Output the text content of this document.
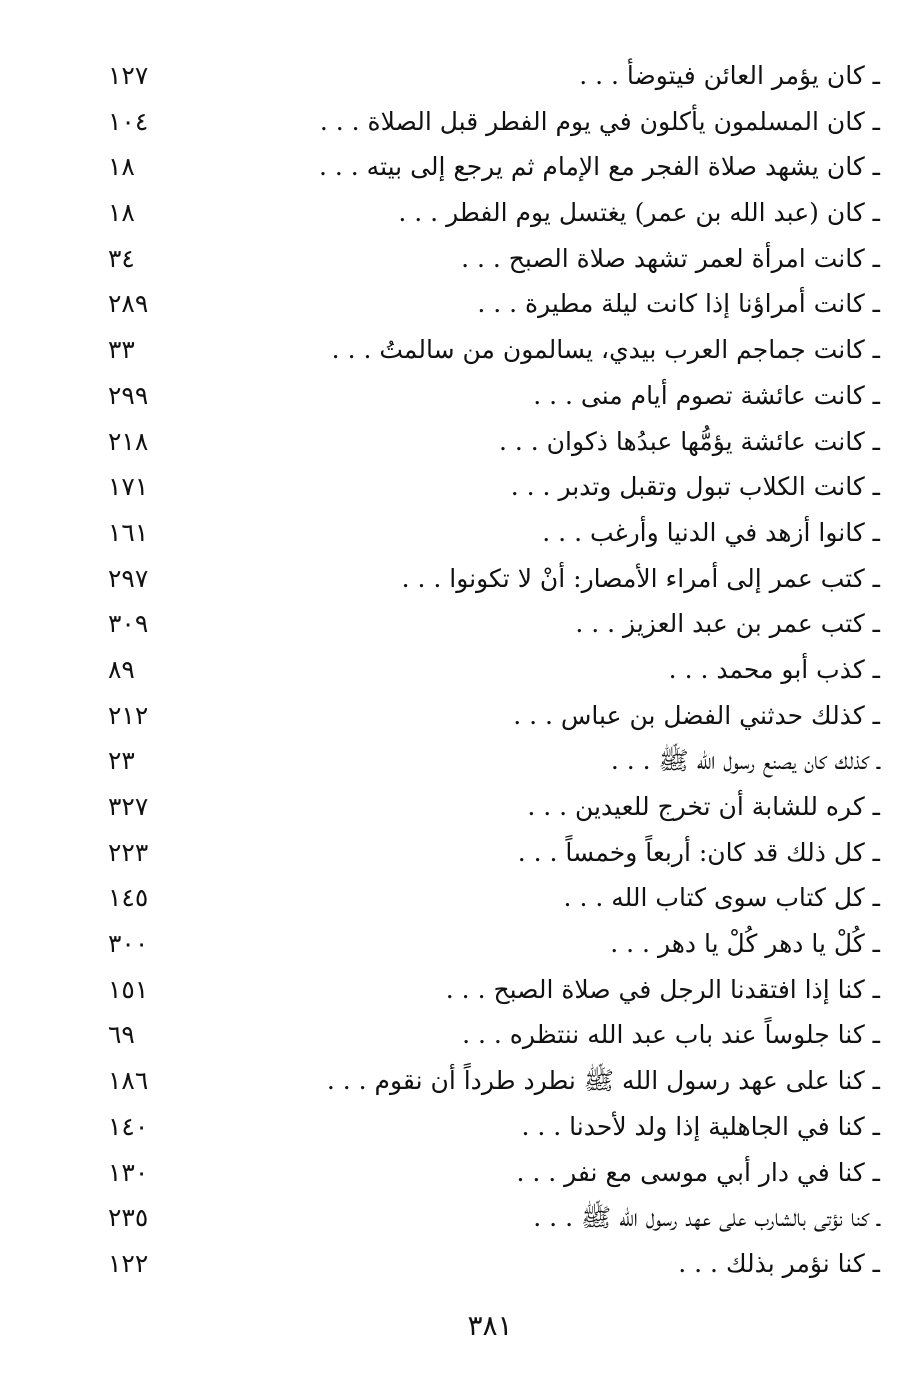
ـ كان يؤمر العائن فيتوضأ . . .
١٢٧
ـ كان المسلمون يأكلون في يوم الفطر قبل الصلاة . . .
١٠٤
ـ كان يشهد صلاة الفجر مع الإمام ثم يرجع إلى بيته . . .
١٨
ـ كان (عبد الله بن عمر) يغتسل يوم الفطر . . .
١٨
ـ كانت امرأة لعمر تشهد صلاة الصبح . . .
٣٤
ـ كانت أمراؤنا إذا كانت ليلة مطيرة . . .
٢٨٩
ـ كانت جماجم العرب بيدي، يسالمون من سالمتُ . . .
٣٣
ـ كانت عائشة تصوم أيام منى . . .
٢٩٩
ـ كانت عائشة يؤمُّها عبدُها ذكوان . . .
٢١٨
ـ كانت الكلاب تبول وتقبل وتدبر . . .
١٧١
ـ كانوا أزهد في الدنيا وأرغب . . .
١٦١
ـ كتب عمر إلى أمراء الأمصار: أنْ لا تكونوا . . .
٢٩٧
ـ كتب عمر بن عبد العزيز . . .
٣٠٩
ـ كذب أبو محمد . . .
٨٩
ـ كذلك حدثني الفضل بن عباس . . .
٢١٢
ـ كذلك كان يصنع رسول الله ﷺ . . .
٢٣
ـ كره للشابة أن تخرج للعيدين . . .
٣٢٧
ـ كل ذلك قد كان: أربعاً وخمساً . . .
٢٢٣
ـ كل كتاب سوى كتاب الله . . .
١٤٥
ـ كُلْ يا دهر كُلْ يا دهر . . .
٣٠٠
ـ كنا إذا افتقدنا الرجل في صلاة الصبح . . .
١٥١
ـ كنا جلوساً عند باب عبد الله ننتظره . . .
٦٩
ـ كنا على عهد رسول الله ﷺ نطرد طرداً أن نقوم . . .
١٨٦
ـ كنا في الجاهلية إذا ولد لأحدنا . . .
١٤٠
ـ كنا في دار أبي موسى مع نفر . . .
١٣٠
ـ كنا نؤتى بالشارب على عهد رسول الله ﷺ . . .
٢٣٥
ـ كنا نؤمر بذلك . . .
١٢٢
٣٨١
